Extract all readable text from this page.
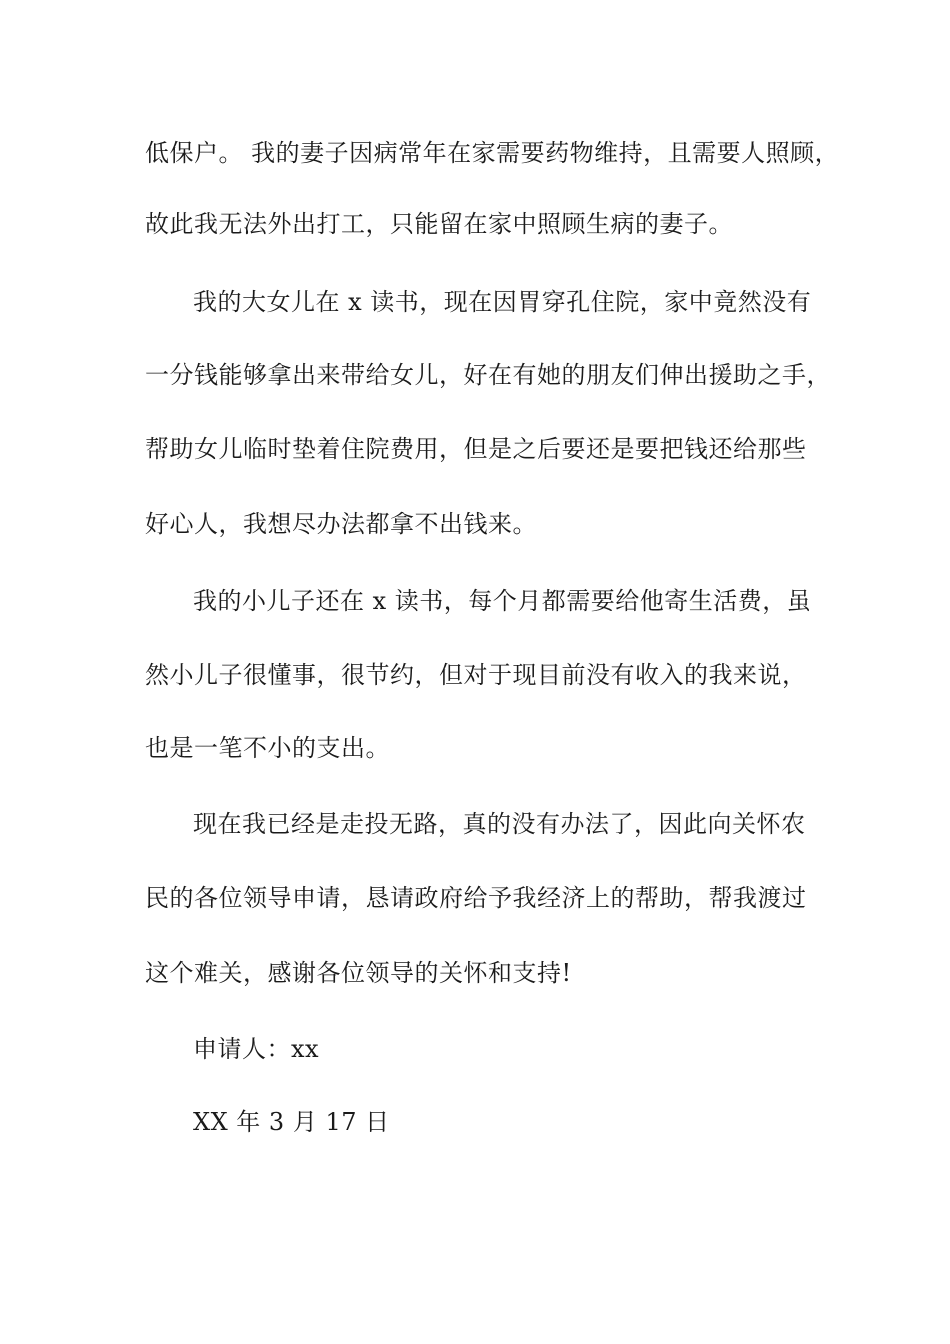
低保户。 我的妻子因病常年在家需要药物维持，且需要人照顾，

故此我无法外出打工，只能留在家中照顾生病的妻子。

我的大女儿在 x 读书，现在因胃穿孔住院，家中竟然没有

一分钱能够拿出来带给女儿，好在有她的朋友们伸出援助之手，

帮助女儿临时垫着住院费用，但是之后要还是要把钱还给那些

好心人，我想尽办法都拿不出钱来。

我的小儿子还在 x 读书，每个月都需要给他寄生活费，虽

然小儿子很懂事，很节约，但对于现目前没有收入的我来说，

也是一笔不小的支出。

现在我已经是走投无路，真的没有办法了，因此向关怀农

民的各位领导申请，恳请政府给予我经济上的帮助，帮我渡过

这个难关，感谢各位领导的关怀和支持!

申请人：xx

XX 年 3 月 17 日
